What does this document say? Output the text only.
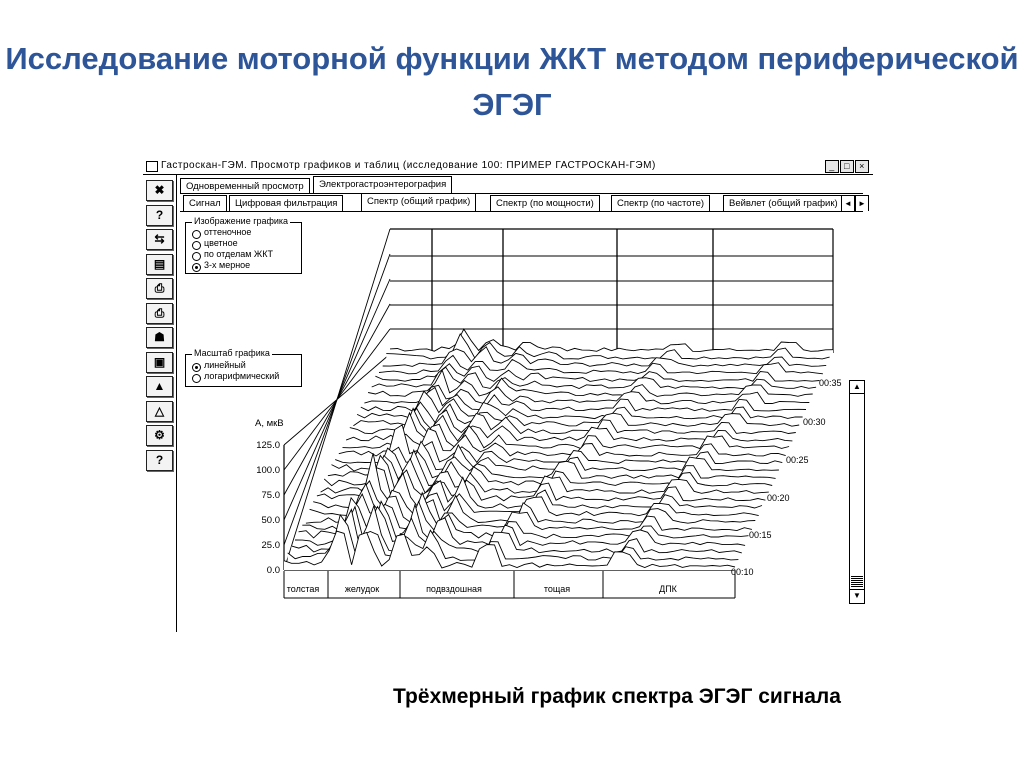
Исследование моторной функции ЖКТ методом периферической ЭГЭГ
Гастроскан-ГЭМ. Просмотр графиков и таблиц (исследование 100: ПРИМЕР ГАСТРОСКАН-ГЭМ)	_	□	×
✖
?
⇆
▤
⎙
⎙
☗
▣
▲
△
⚙
?
Одновременный просмотр	Электрогастроэнтерография
Сигнал	Цифровая фильтрация	Спектр (общий график)	Спектр (по мощности)	Спектр (по частоте)	Вейвлет (общий график) ◄ ►
Изображение графика
оттеночное
цветное
по отделам ЖКТ
3-х мерное
Масштаб графика
линейный
логарифмический
125.0
100.0
75.0
50.0
25.0
0.0
А, мкВ
толстая	желудок	подвздошная	тощая	ДПК
00:35
00:30
00:25
00:20
00:15
00:10
▲
▼
Трёхмерный график спектра ЭГЭГ сигнала
